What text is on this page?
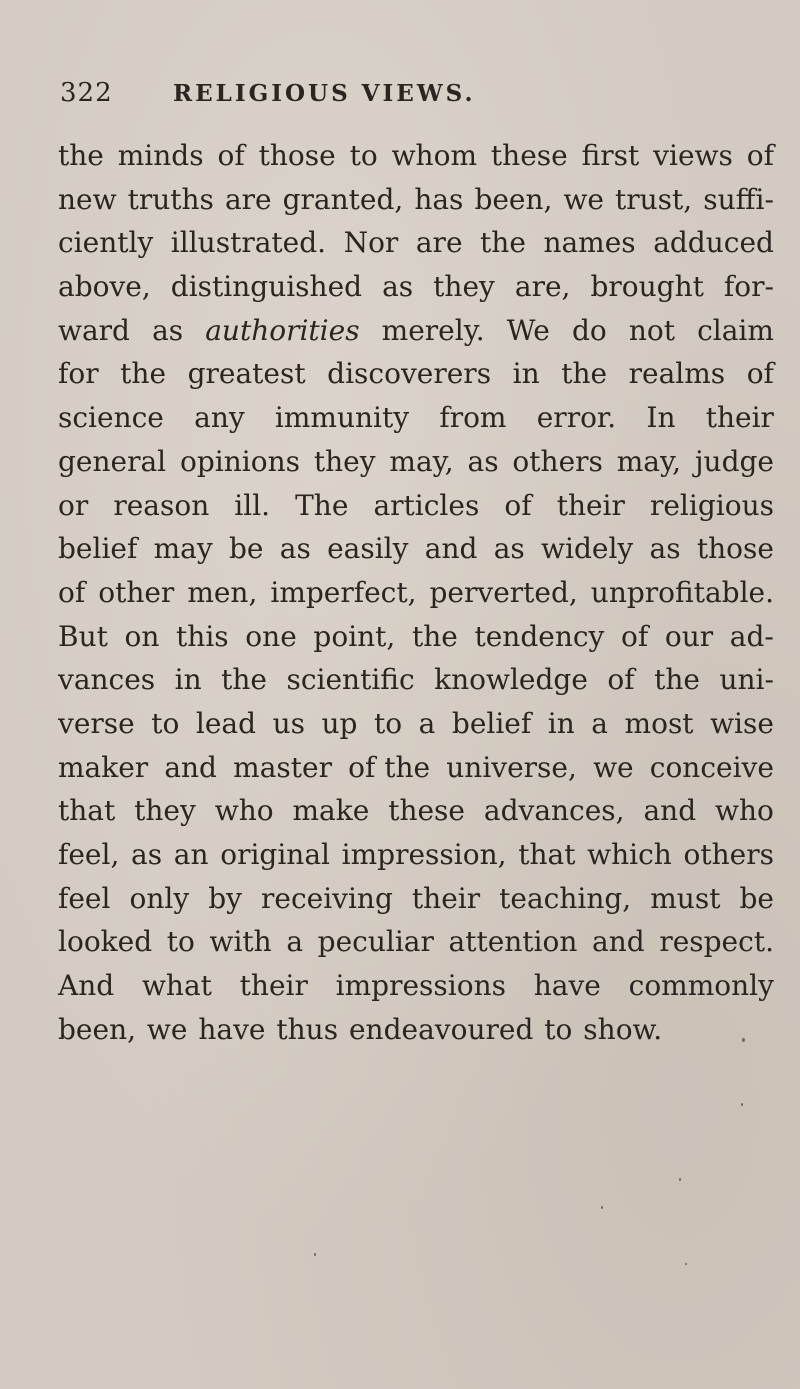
322	RELIGIOUS VIEWS.
the minds of those to whom these first views of
new truths are granted, has been, we trust, suffi-
ciently illustrated. Nor are the names adduced
above, distinguished as they are, brought for-
ward as authorities merely. We do not claim
for the greatest discoverers in the realms of
science any immunity from error. In their
general opinions they may, as others may, judge
or reason ill. The articles of their religious
belief may be as easily and as widely as those
of other men, imperfect, perverted, unprofitable.
But on this one point, the tendency of our ad-
vances in the scientific knowledge of the uni-
verse to lead us up to a belief in a most wise
maker and master of the universe, we conceive
that they who make these advances, and who
feel, as an original impression, that which others
feel only by receiving their teaching, must be
looked to with a peculiar attention and respect.
And what their impressions have commonly
been,
we
have
thus
endeavoured
to
show.
